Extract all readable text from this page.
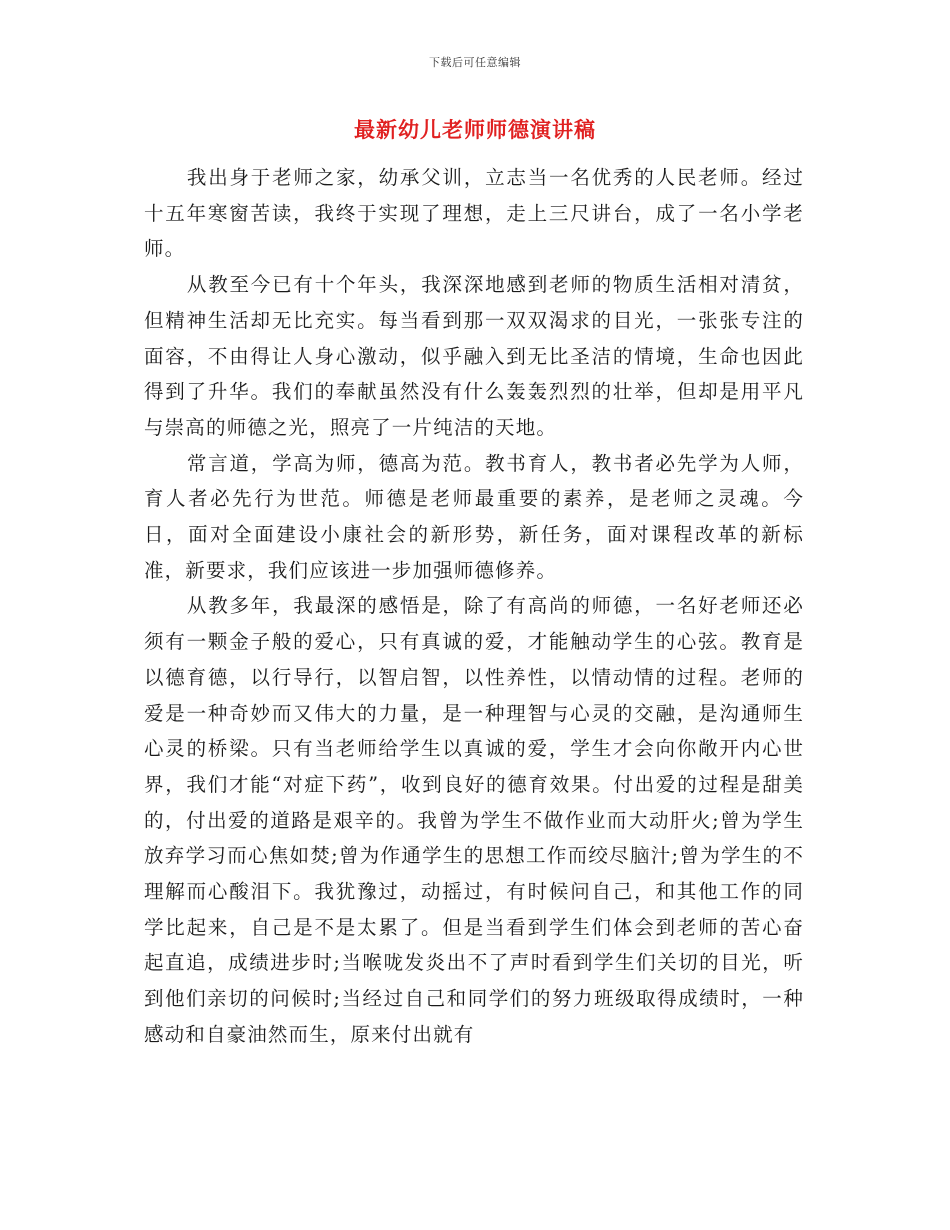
下载后可任意编辑
最新幼儿老师师德演讲稿

我出身于老师之家，幼承父训，立志当一名优秀的人民老师。经过十五年寒窗苦读，我终于实现了理想，走上三尺讲台，成了一名小学老师。

从教至今已有十个年头，我深深地感到老师的物质生活相对清贫，但精神生活却无比充实。每当看到那一双双渴求的目光，一张张专注的面容，不由得让人身心激动，似乎融入到无比圣洁的情境，生命也因此得到了升华。我们的奉献虽然没有什么轰轰烈烈的壮举，但却是用平凡与崇高的师德之光，照亮了一片纯洁的天地。

常言道，学高为师，德高为范。教书育人，教书者必先学为人师，育人者必先行为世范。师德是老师最重要的素养，是老师之灵魂。今日，面对全面建设小康社会的新形势，新任务，面对课程改革的新标准，新要求，我们应该进一步加强师德修养。

从教多年，我最深的感悟是，除了有高尚的师德，一名好老师还必须有一颗金子般的爱心，只有真诚的爱，才能触动学生的心弦。教育是以德育德，以行导行，以智启智，以性养性，以情动情的过程。老师的爱是一种奇妙而又伟大的力量，是一种理智与心灵的交融，是沟通师生心灵的桥梁。只有当老师给学生以真诚的爱，学生才会向你敞开内心世界，我们才能“对症下药”，收到良好的德育效果。付出爱的过程是甜美的，付出爱的道路是艰辛的。我曾为学生不做作业而大动肝火;曾为学生放弃学习而心焦如焚;曾为作通学生的思想工作而绞尽脑汁;曾为学生的不理解而心酸泪下。我犹豫过，动摇过，有时候问自己，和其他工作的同学比起来，自己是不是太累了。但是当看到学生们体会到老师的苦心奋起直追，成绩进步时;当喉咙发炎出不了声时看到学生们关切的目光，听到他们亲切的问候时;当经过自己和同学们的努力班级取得成绩时，一种感动和自豪油然而生，原来付出就有
